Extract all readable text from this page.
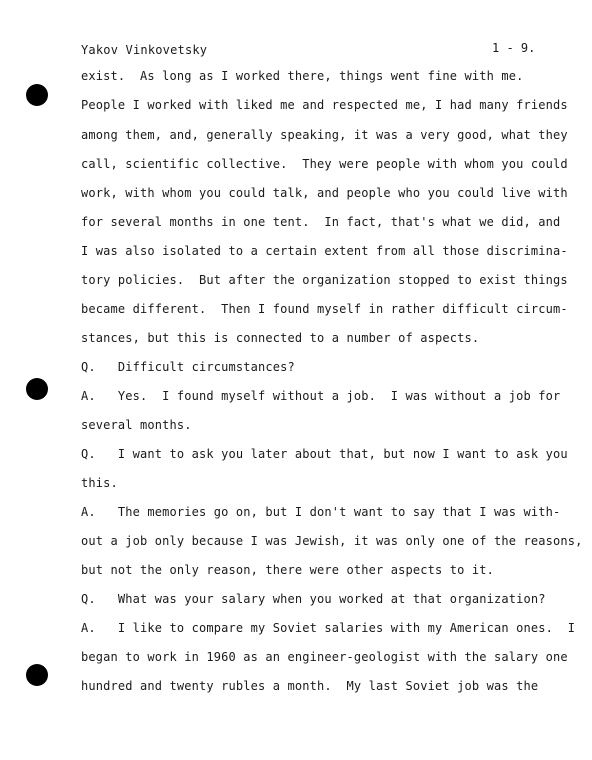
Yakov Vinkovetsky	1 - 9.
exist.  As long as I worked there, things went fine with me.
People I worked with liked me and respected me, I had many friends
among them, and, generally speaking, it was a very good, what they
call, scientific collective.  They were people with whom you could
work, with whom you could talk, and people who you could live with
for several months in one tent.  In fact, that's what we did, and
I was also isolated to a certain extent from all those discrimina-
tory policies.  But after the organization stopped to exist things
became different.  Then I found myself in rather difficult circum-
stances, but this is connected to a number of aspects.
Q.   Difficult circumstances?
A.   Yes.  I found myself without a job.  I was without a job for
several months.
Q.   I want to ask you later about that, but now I want to ask you
this.
A.   The memories go on, but I don't want to say that I was with-
out a job only because I was Jewish, it was only one of the reasons,
but not the only reason, there were other aspects to it.
Q.   What was your salary when you worked at that organization?
A.   I like to compare my Soviet salaries with my American ones.  I
began to work in 1960 as an engineer-geologist with the salary one
hundred and twenty rubles a month.  My last Soviet job was the
